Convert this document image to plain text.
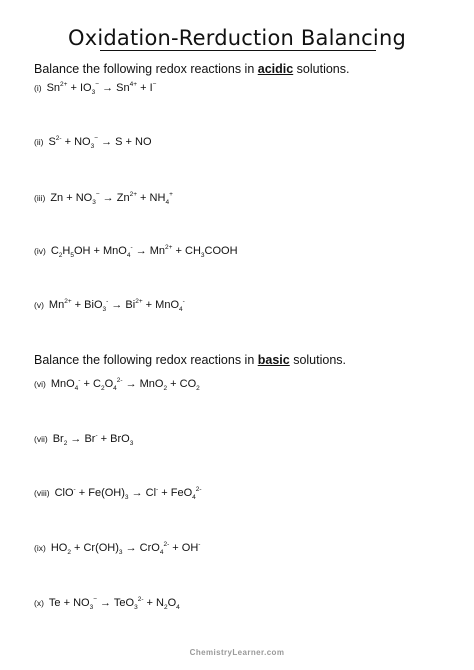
Oxidation-Rerduction Balancing
Balance the following redox reactions in acidic solutions.
(i) $Sn^{2+} + IO_3^- \to Sn^{4+} + I^-$
(ii) $S^{2-} + NO_3^- \to S$ + NO
(iii) $Zn + NO_3^- \to Zn^{2+} + NH_4^+$
(iv) $C_2H_5OH + MnO_4^- \to Mn^{2+}$ + $CH_3COOH$
(v) $Mn^{2+} + BiO_3^- \to Bi^{2+} + MnO_4^-$
Balance the following redox reactions in basic solutions.
(vi) $MnO_4^- + C_2O_4^{2-} \to MnO_2 + CO_2$
(vii) $Br_2 \to Br^- + BrO_3$
(viii) $ClO^- + Fe(OH)_3 \to Cl^- + FeO_4^{2-}$
(ix) $HO_2 + Cr(OH)_3 \to CrO_4^{2-} + OH^-$
(x) $Te + NO_3^- \to TeO_3^{2-} + N_2O_4$
ChemistryLearner.com
